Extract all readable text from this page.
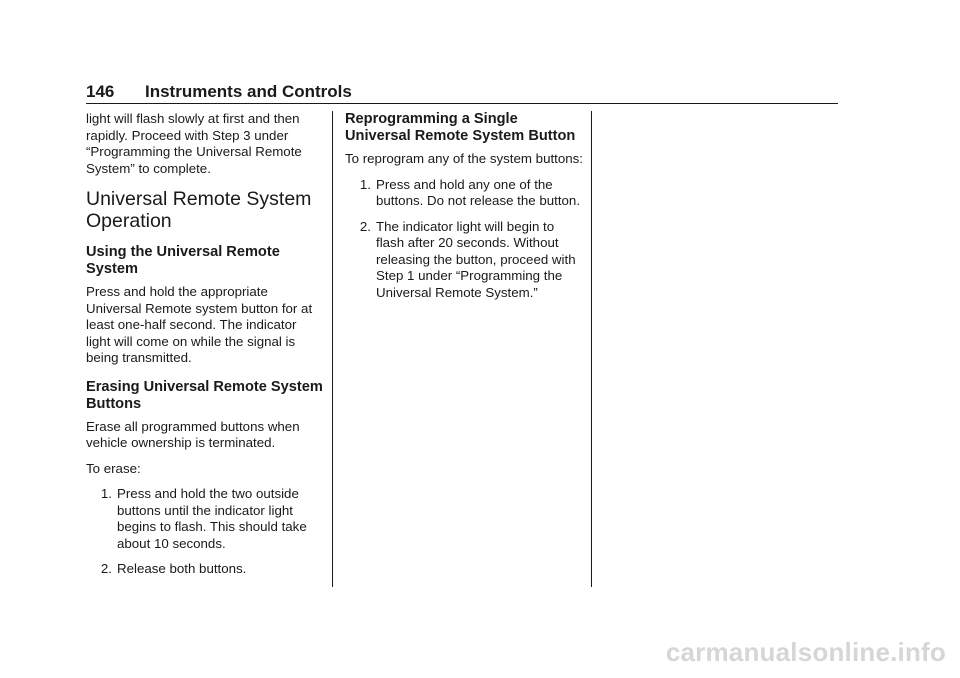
146 Instruments and Controls

light will flash slowly at first and then rapidly. Proceed with Step 3 under “Programming the Universal Remote System” to complete.

Universal Remote System Operation
Using the Universal Remote System

Press and hold the appropriate Universal Remote system button for at least one-half second. The indicator light will come on while the signal is being transmitted.

Erasing Universal Remote System Buttons

Erase all programmed buttons when vehicle ownership is terminated.

To erase:

1. Press and hold the two outside buttons until the indicator light begins to flash. This should take about 10 seconds.
2. Release both buttons.
Reprogramming a Single Universal Remote System Button

To reprogram any of the system buttons:

1. Press and hold any one of the buttons. Do not release the button.
2. The indicator light will begin to flash after 20 seconds. Without releasing the button, proceed with Step 1 under “Programming the Universal Remote System.”
carmanualsonline.info
